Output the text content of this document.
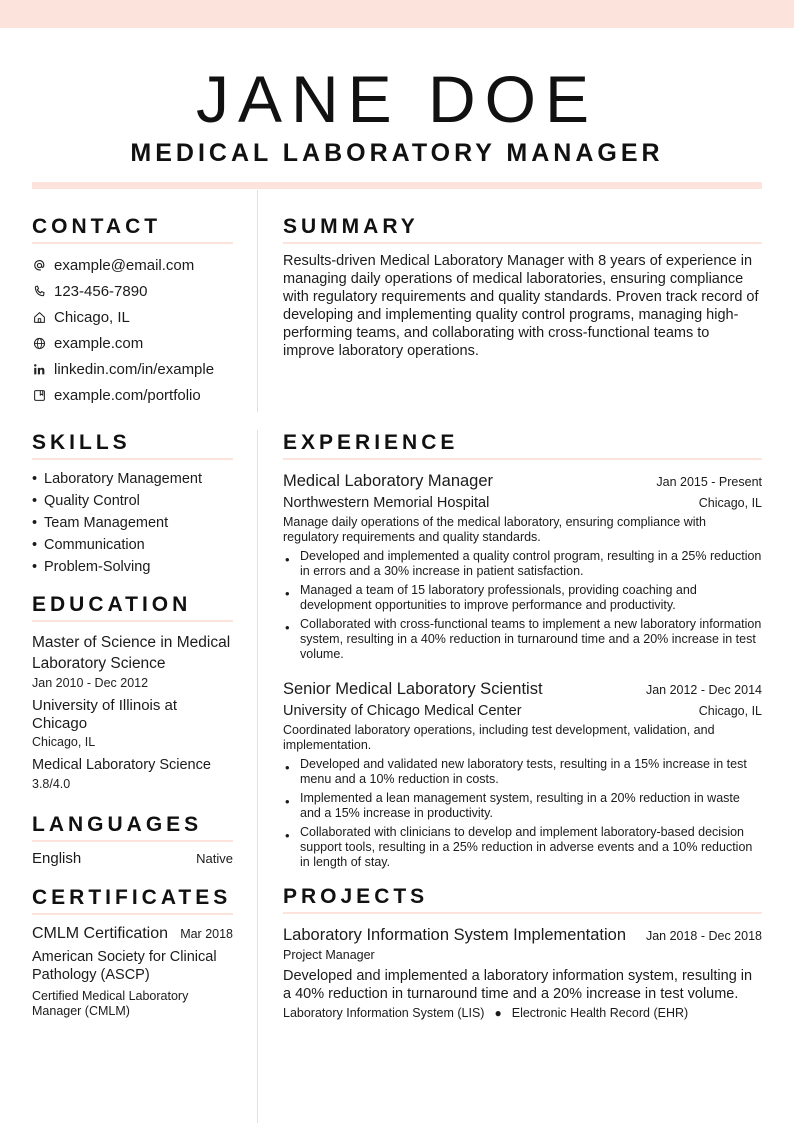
JANE DOE
MEDICAL LABORATORY MANAGER
CONTACT
example@email.com
123-456-7890
Chicago, IL
example.com
linkedin.com/in/example
example.com/portfolio
SKILLS
• Laboratory Management
• Quality Control
• Team Management
• Communication
• Problem-Solving
EDUCATION
Master of Science in Medical Laboratory Science
Jan 2010 - Dec 2012
University of Illinois at Chicago
Chicago, IL
Medical Laboratory Science
3.8/4.0
LANGUAGES
English	Native
CERTIFICATES
CMLM Certification Mar 2018
American Society for Clinical Pathology (ASCP)
Certified Medical Laboratory Manager (CMLM)
SUMMARY
Results-driven Medical Laboratory Manager with 8 years of experience in managing daily operations of medical laboratories, ensuring compliance with regulatory requirements and quality standards. Proven track record of developing and implementing quality control programs, managing high-performing teams, and collaborating with cross-functional teams to improve laboratory operations.
EXPERIENCE
Medical Laboratory Manager	Jan 2015 - Present
Northwestern Memorial Hospital	Chicago, IL
Manage daily operations of the medical laboratory, ensuring compliance with regulatory requirements and quality standards.
• Developed and implemented a quality control program, resulting in a 25% reduction in errors and a 30% increase in patient satisfaction.
• Managed a team of 15 laboratory professionals, providing coaching and development opportunities to improve performance and productivity.
• Collaborated with cross-functional teams to implement a new laboratory information system, resulting in a 40% reduction in turnaround time and a 20% increase in test volume.
Senior Medical Laboratory Scientist	Jan 2012 - Dec 2014
University of Chicago Medical Center	Chicago, IL
Coordinated laboratory operations, including test development, validation, and implementation.
• Developed and validated new laboratory tests, resulting in a 15% increase in test menu and a 10% reduction in costs.
• Implemented a lean management system, resulting in a 20% reduction in waste and a 15% increase in productivity.
• Collaborated with clinicians to develop and implement laboratory-based decision support tools, resulting in a 25% reduction in adverse events and a 10% reduction in length of stay.
PROJECTS
Laboratory Information System Implementation Jan 2018 - Dec 2018
Project Manager
Developed and implemented a laboratory information system, resulting in a 40% reduction in turnaround time and a 20% increase in test volume.
Laboratory Information System (LIS) ● Electronic Health Record (EHR)
